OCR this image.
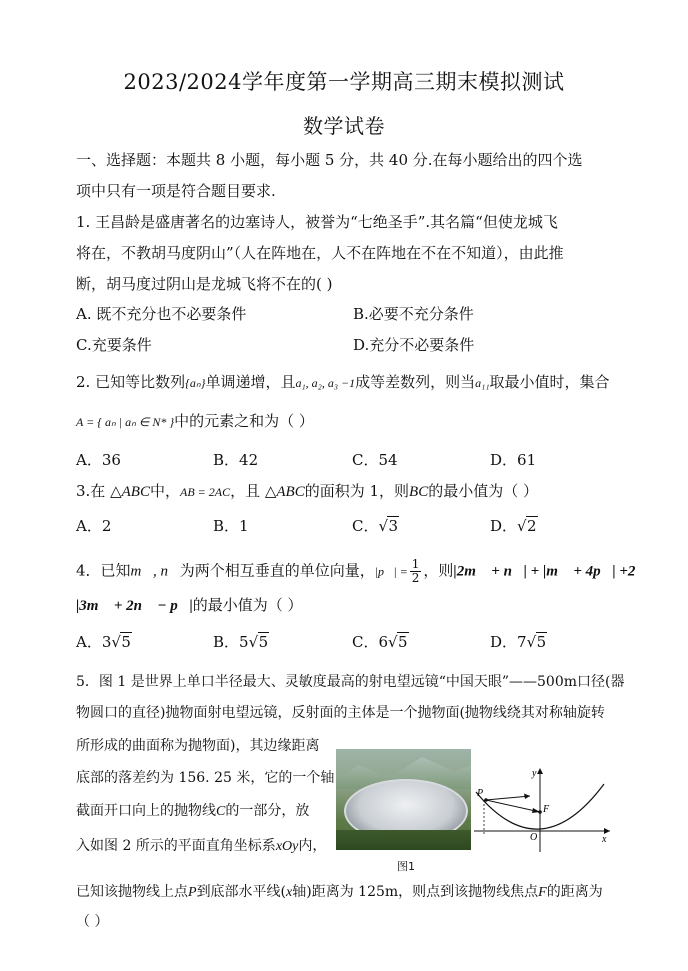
2023/2024学年度第一学期高三期末模拟测试
数学试卷
一、选择题：本题共 8 小题，每小题 5 分，共 40 分.在每小题给出的四个选
项中只有一项是符合题目要求.
1. 王昌龄是盛唐著名的边塞诗人，被誉为“七绝圣手”.其名篇“但使龙城飞
将在，不教胡马度阴山”（人在阵地在，人不在阵地在不在不知道），由此推
断，胡马度过阴山是龙城飞将不在的( )
A. 既不充分也不必要条件	B.必要不充分条件
C.充要条件	D.充分不必要条件
2. 已知等比数列{aₙ}单调递增，且a₁, a₂, a₃ −1成等差数列，则当a₁₁取最小值时，集合
A = { aₙ | aₙ ∈ N* }中的元素之和为（ ）
A．36	B．42	C．54	D．61
3.在 △ABC中，AB = 2AC，且 △ABC的面积为 1，则BC的最小值为（ ）
A．2	B．1	C． √ 3	D． √ 2
4．已知m⃗, n⃗为两个相互垂直的单位向量，|p⃗| = $\frac{1}{2}$ ，则|2m⃗ + n⃗| + |m⃗ + 4p⃗| +2
|3m⃗ + 2n⃗ − p⃗|的最小值为（ ）
A．3 √ 5	B．5 √ 5	C．6 √ 5	D．7 √ 5
5．图 1 是世界上单口半径最大、灵敏度最高的射电望远镜“中国天眼”——500m口径(器
物圆口的直径)抛物面射电望远镜，反射面的主体是一个抛物面(抛物线绕其对称轴旋转
所形成的曲面称为抛物面)，其边缘距离
底部的落差约为 156. 25 米，它的一个轴
截面开口向上的抛物线C的一部分，放
入如图 2 所示的平面直角坐标系xOy内，
图1
P
F
O
y
x
已知该抛物线上点P到底部水平线(x轴)距离为 125m，则点到该抛物线焦点F的距离为
（ ）
